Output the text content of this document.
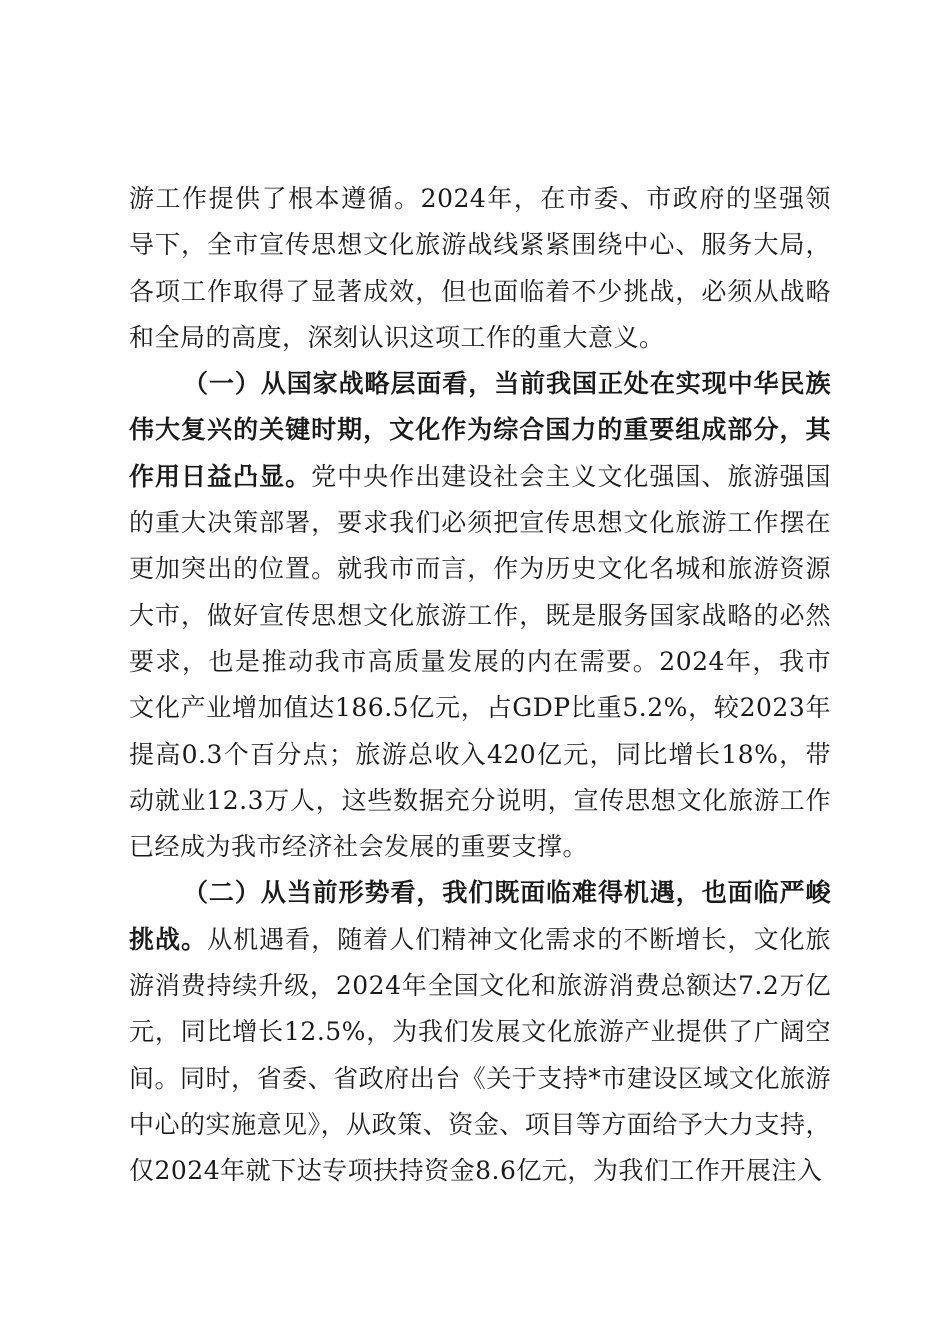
游工作提供了根本遵循。2024年，在市委、市政府的坚强领导下，全市宣传思想文化旅游战线紧紧围绕中心、服务大局，各项工作取得了显著成效，但也面临着不少挑战，必须从战略和全局的高度，深刻认识这项工作的重大意义。

（一）从国家战略层面看，当前我国正处在实现中华民族伟大复兴的关键时期，文化作为综合国力的重要组成部分，其作用日益凸显。党中央作出建设社会主义文化强国、旅游强国的重大决策部署，要求我们必须把宣传思想文化旅游工作摆在更加突出的位置。就我市而言，作为历史文化名城和旅游资源大市，做好宣传思想文化旅游工作，既是服务国家战略的必然要求，也是推动我市高质量发展的内在需要。2024年，我市文化产业增加值达186.5亿元，占GDP比重5.2%，较2023年提高0.3个百分点；旅游总收入420亿元，同比增长18%，带动就业12.3万人，这些数据充分说明，宣传思想文化旅游工作已经成为我市经济社会发展的重要支撑。

（二）从当前形势看，我们既面临难得机遇，也面临严峻挑战。从机遇看，随着人们精神文化需求的不断增长，文化旅游消费持续升级，2024年全国文化和旅游消费总额达7.2万亿元，同比增长12.5%，为我们发展文化旅游产业提供了广阔空间。同时，省委、省政府出台《关于支持*市建设区域文化旅游中心的实施意见》，从政策、资金、项目等方面给予大力支持，仅2024年就下达专项扶持资金8.6亿元，为我们工作开展注入
